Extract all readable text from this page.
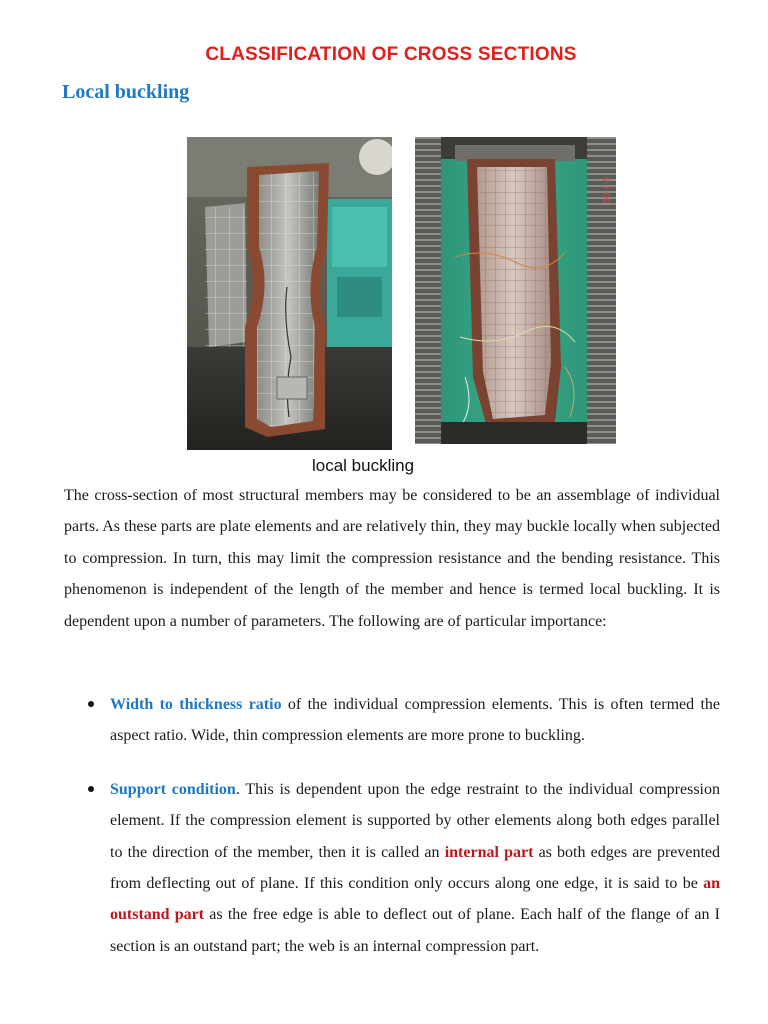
CLASSIFICATION OF CROSS SECTIONS
Local buckling
9-1-06
local buckling

The cross-section of most structural members may be considered to be an assemblage of individual parts. As these parts are plate elements and are relatively thin, they may buckle locally when subjected to compression. In turn, this may limit the compression resistance and the bending resistance. This phenomenon is independent of the length of the member and hence is termed local buckling. It is dependent upon a number of parameters. The following are of particular importance:

Width to thickness ratio of the individual compression elements. This is often termed the aspect ratio. Wide, thin compression elements are more prone to buckling.
Support condition. This is dependent upon the edge restraint to the individual compression element. If the compression element is supported by other elements along both edges parallel to the direction of the member, then it is called an internal part as both edges are prevented from deflecting out of plane. If this condition only occurs along one edge, it is said to be an outstand part as the free edge is able to deflect out of plane. Each half of the flange of an I section is an outstand part; the web is an internal compression part.
